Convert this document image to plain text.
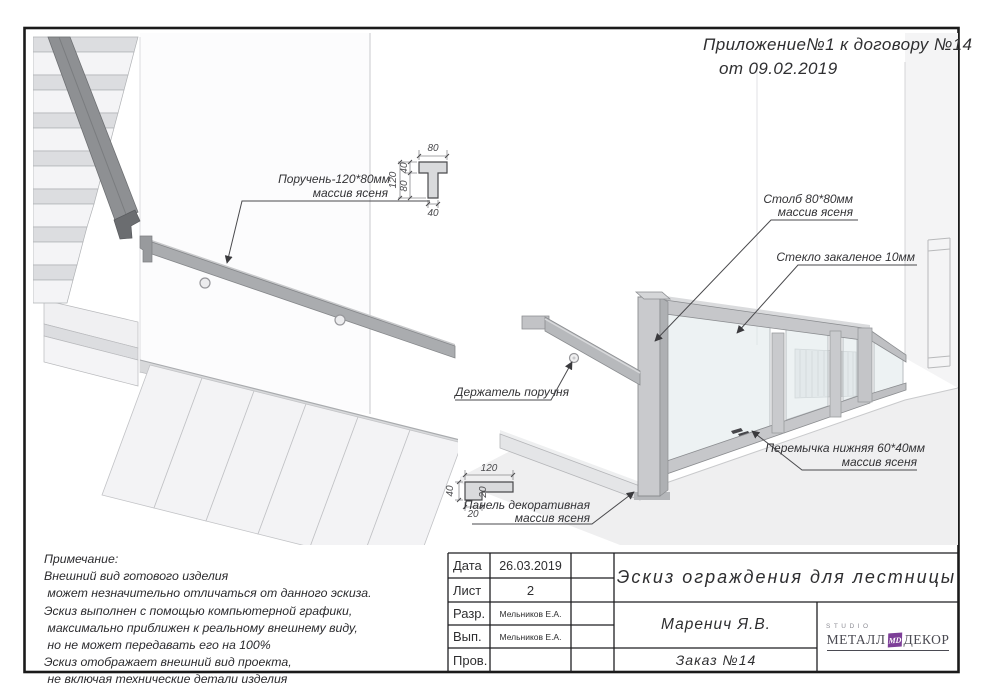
80
40
80
120
40
120
40
20
20
Поручень-120*80мм
массив ясеня	Столб 80*80мм
массив ясеня
Стекло закаленое 10мм
Держатель поручня
Перемычка нижняя 60*40мм
массив ясеня
Панель декоративная
массив ясеня
Приложение№1 к договору №14
от 09.02.2019
Примечание:
Внешний вид готового изделия
может незначительно отличаться от данного эскиза.
Эскиз выполнен с помощью компьютерной графики,
максимально приближен к реальному внешнему виду,
но не может передавать его на 100%
Эскиз отображает внешний вид проекта,
не включая технические детали изделия
Дата	26.03.2019
Лист	2
Разр.	Мельников Е.А.
Вып.	Мельников Е.А.
Пров.
Эскиз ограждения для лестницы
Маренич Я.В.
Заказ №14
STUDIO
МЕТАЛЛ МD ДЕКОР
